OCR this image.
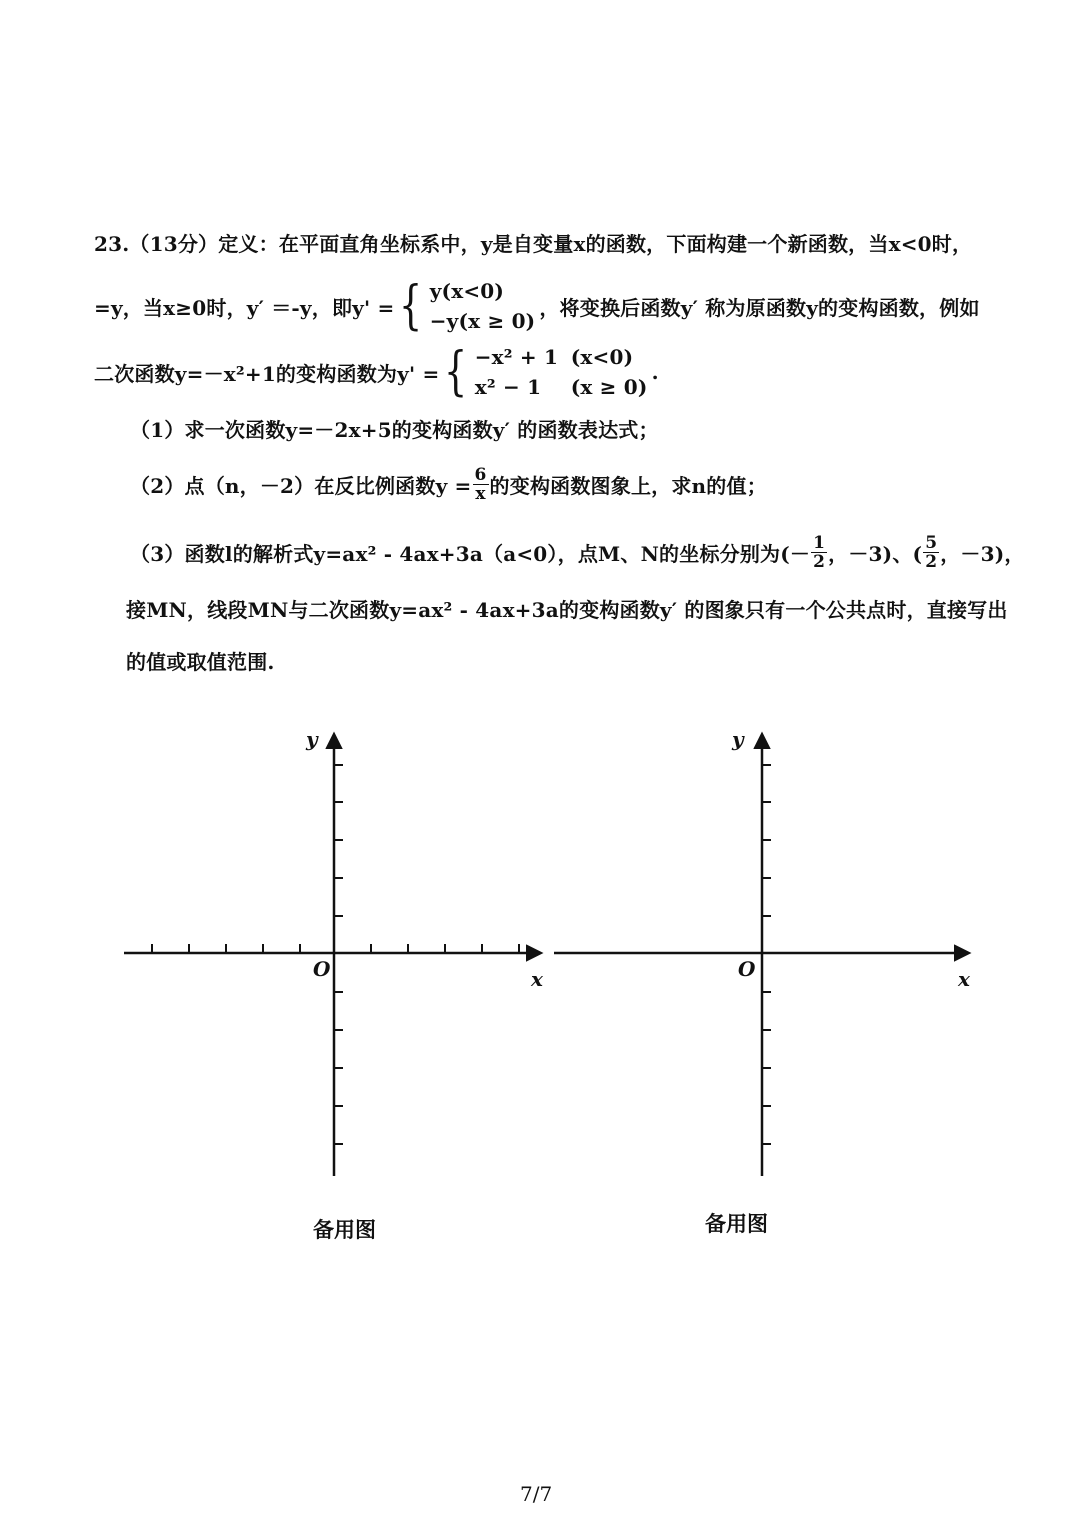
23.（13分）定义：在平面直角坐标系中，y是自变量x的函数，下面构建一个新函数，当x<0时，
=y，当x≥0时，y′ ＝-y，即y' = { y(x<0)
−y(x ≥ 0)
，将变换后函数y′ 称为原函数y的变构函数，例如
二次函数y=－x²+1的变构函数为y' = { −x² + 1 (x<0)
x² − 1	(x ≥ 0)
.
（1）求一次函数y=－2x+5的变构函数y′ 的函数表达式；
（2）点（n，－2）在反比例函数$y = \frac{6}{x}$ 的变构函数图象上，求n的值；
（3）函数l的解析式y=ax² - 4ax+3a（a<0），点M、N的坐标分别为(－ $\frac{1}{2}$ ，－3)、( $\frac{5}{2}$ ，－3)，
接MN，线段MN与二次函数y=ax² - 4ax+3a的变构函数y′ 的图象只有一个公共点时，直接写出
的值或取值范围.
y
x
O
y
x
O
备用图	备用图
7/7
